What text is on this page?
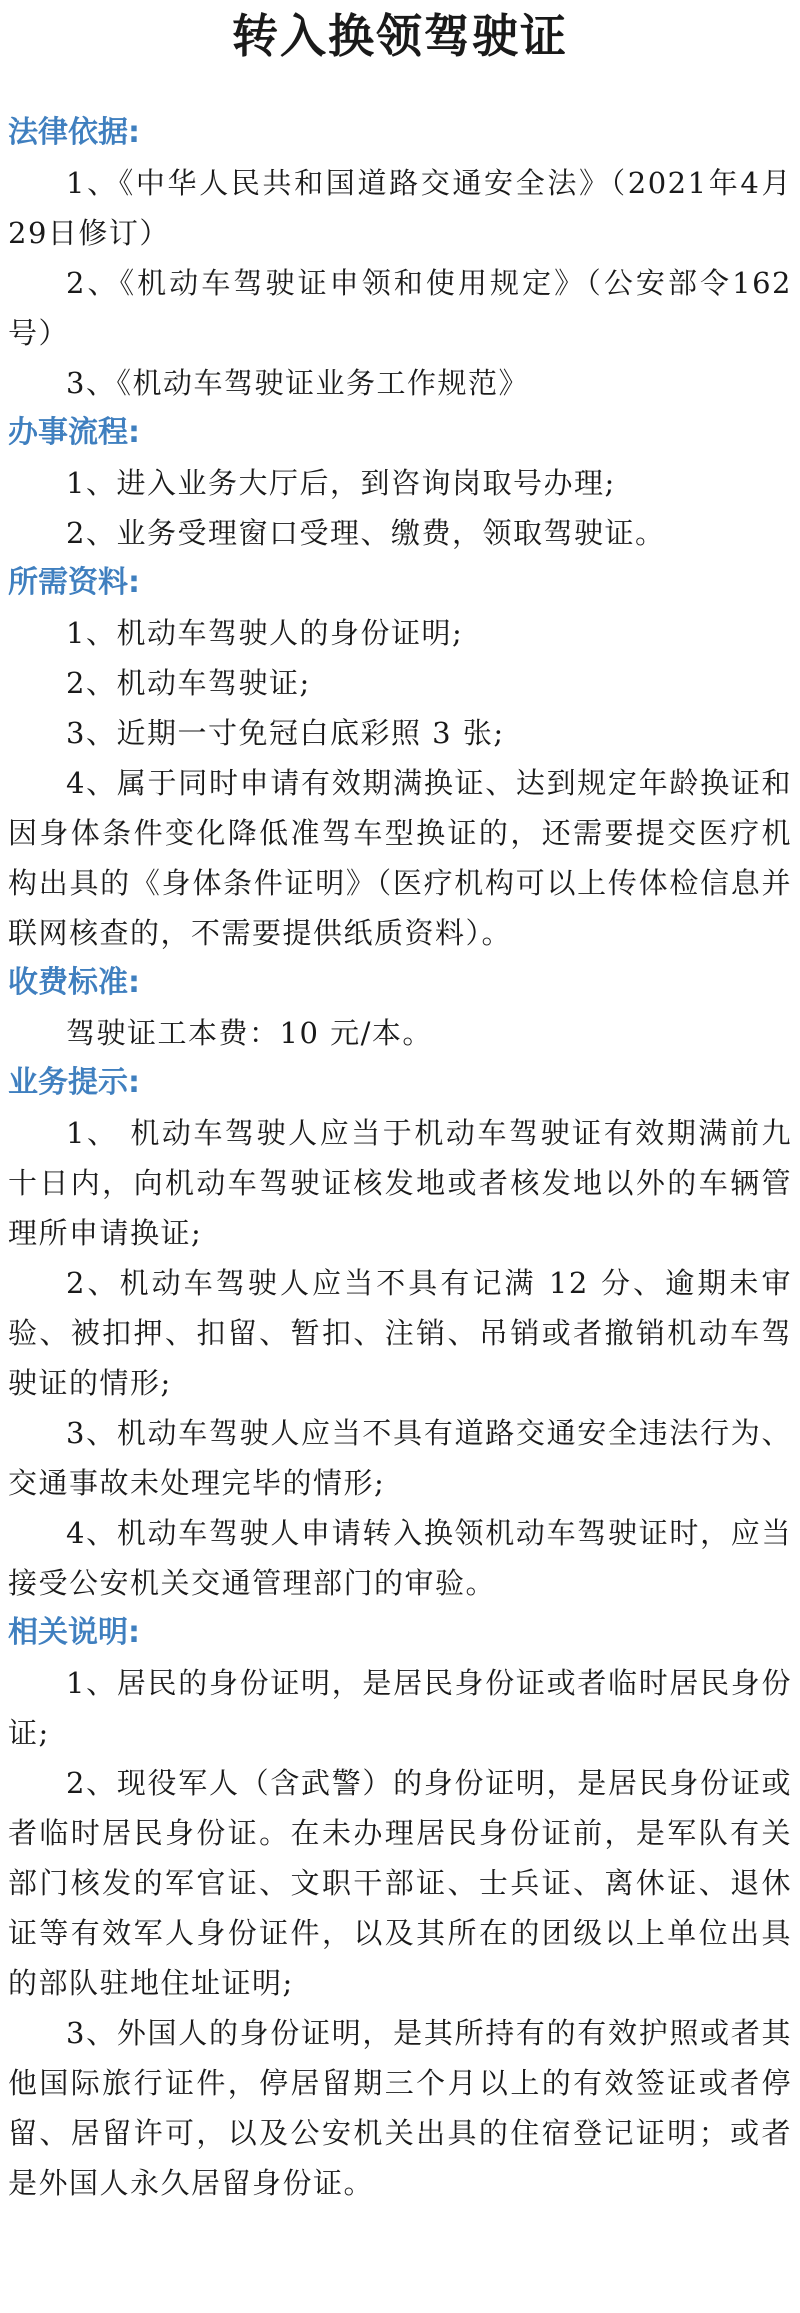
转入换领驾驶证
法律依据:

1、《中华人民共和国道路交通安全法》（2021年4月29日修订）

2、《机动车驾驶证申领和使用规定》（公安部令162号）

3、《机动车驾驶证业务工作规范》

办事流程:

1、进入业务大厅后，到咨询岗取号办理;

2、业务受理窗口受理、缴费，领取驾驶证。

所需资料:

1、机动车驾驶人的身份证明;

2、机动车驾驶证;

3、近期一寸免冠白底彩照 3 张;

4、属于同时申请有效期满换证、达到规定年龄换证和因身体条件变化降低准驾车型换证的，还需要提交医疗机构出具的《身体条件证明》（医疗机构可以上传体检信息并联网核查的，不需要提供纸质资料）。

收费标准:

驾驶证工本费：10 元/本。

业务提示:

1、 机动车驾驶人应当于机动车驾驶证有效期满前九十日内，向机动车驾驶证核发地或者核发地以外的车辆管理所申请换证;

2、机动车驾驶人应当不具有记满 12 分、逾期未审验、被扣押、扣留、暂扣、注销、吊销或者撤销机动车驾驶证的情形;

3、机动车驾驶人应当不具有道路交通安全违法行为、交通事故未处理完毕的情形;

4、机动车驾驶人申请转入换领机动车驾驶证时，应当接受公安机关交通管理部门的审验。

相关说明:

1、居民的身份证明，是居民身份证或者临时居民身份证;

2、现役军人（含武警）的身份证明，是居民身份证或者临时居民身份证。在未办理居民身份证前，是军队有关部门核发的军官证、文职干部证、士兵证、离休证、退休证等有效军人身份证件，以及其所在的团级以上单位出具的部队驻地住址证明;

3、外国人的身份证明，是其所持有的有效护照或者其他国际旅行证件，停居留期三个月以上的有效签证或者停留、居留许可，以及公安机关出具的住宿登记证明；或者是外国人永久居留身份证。
